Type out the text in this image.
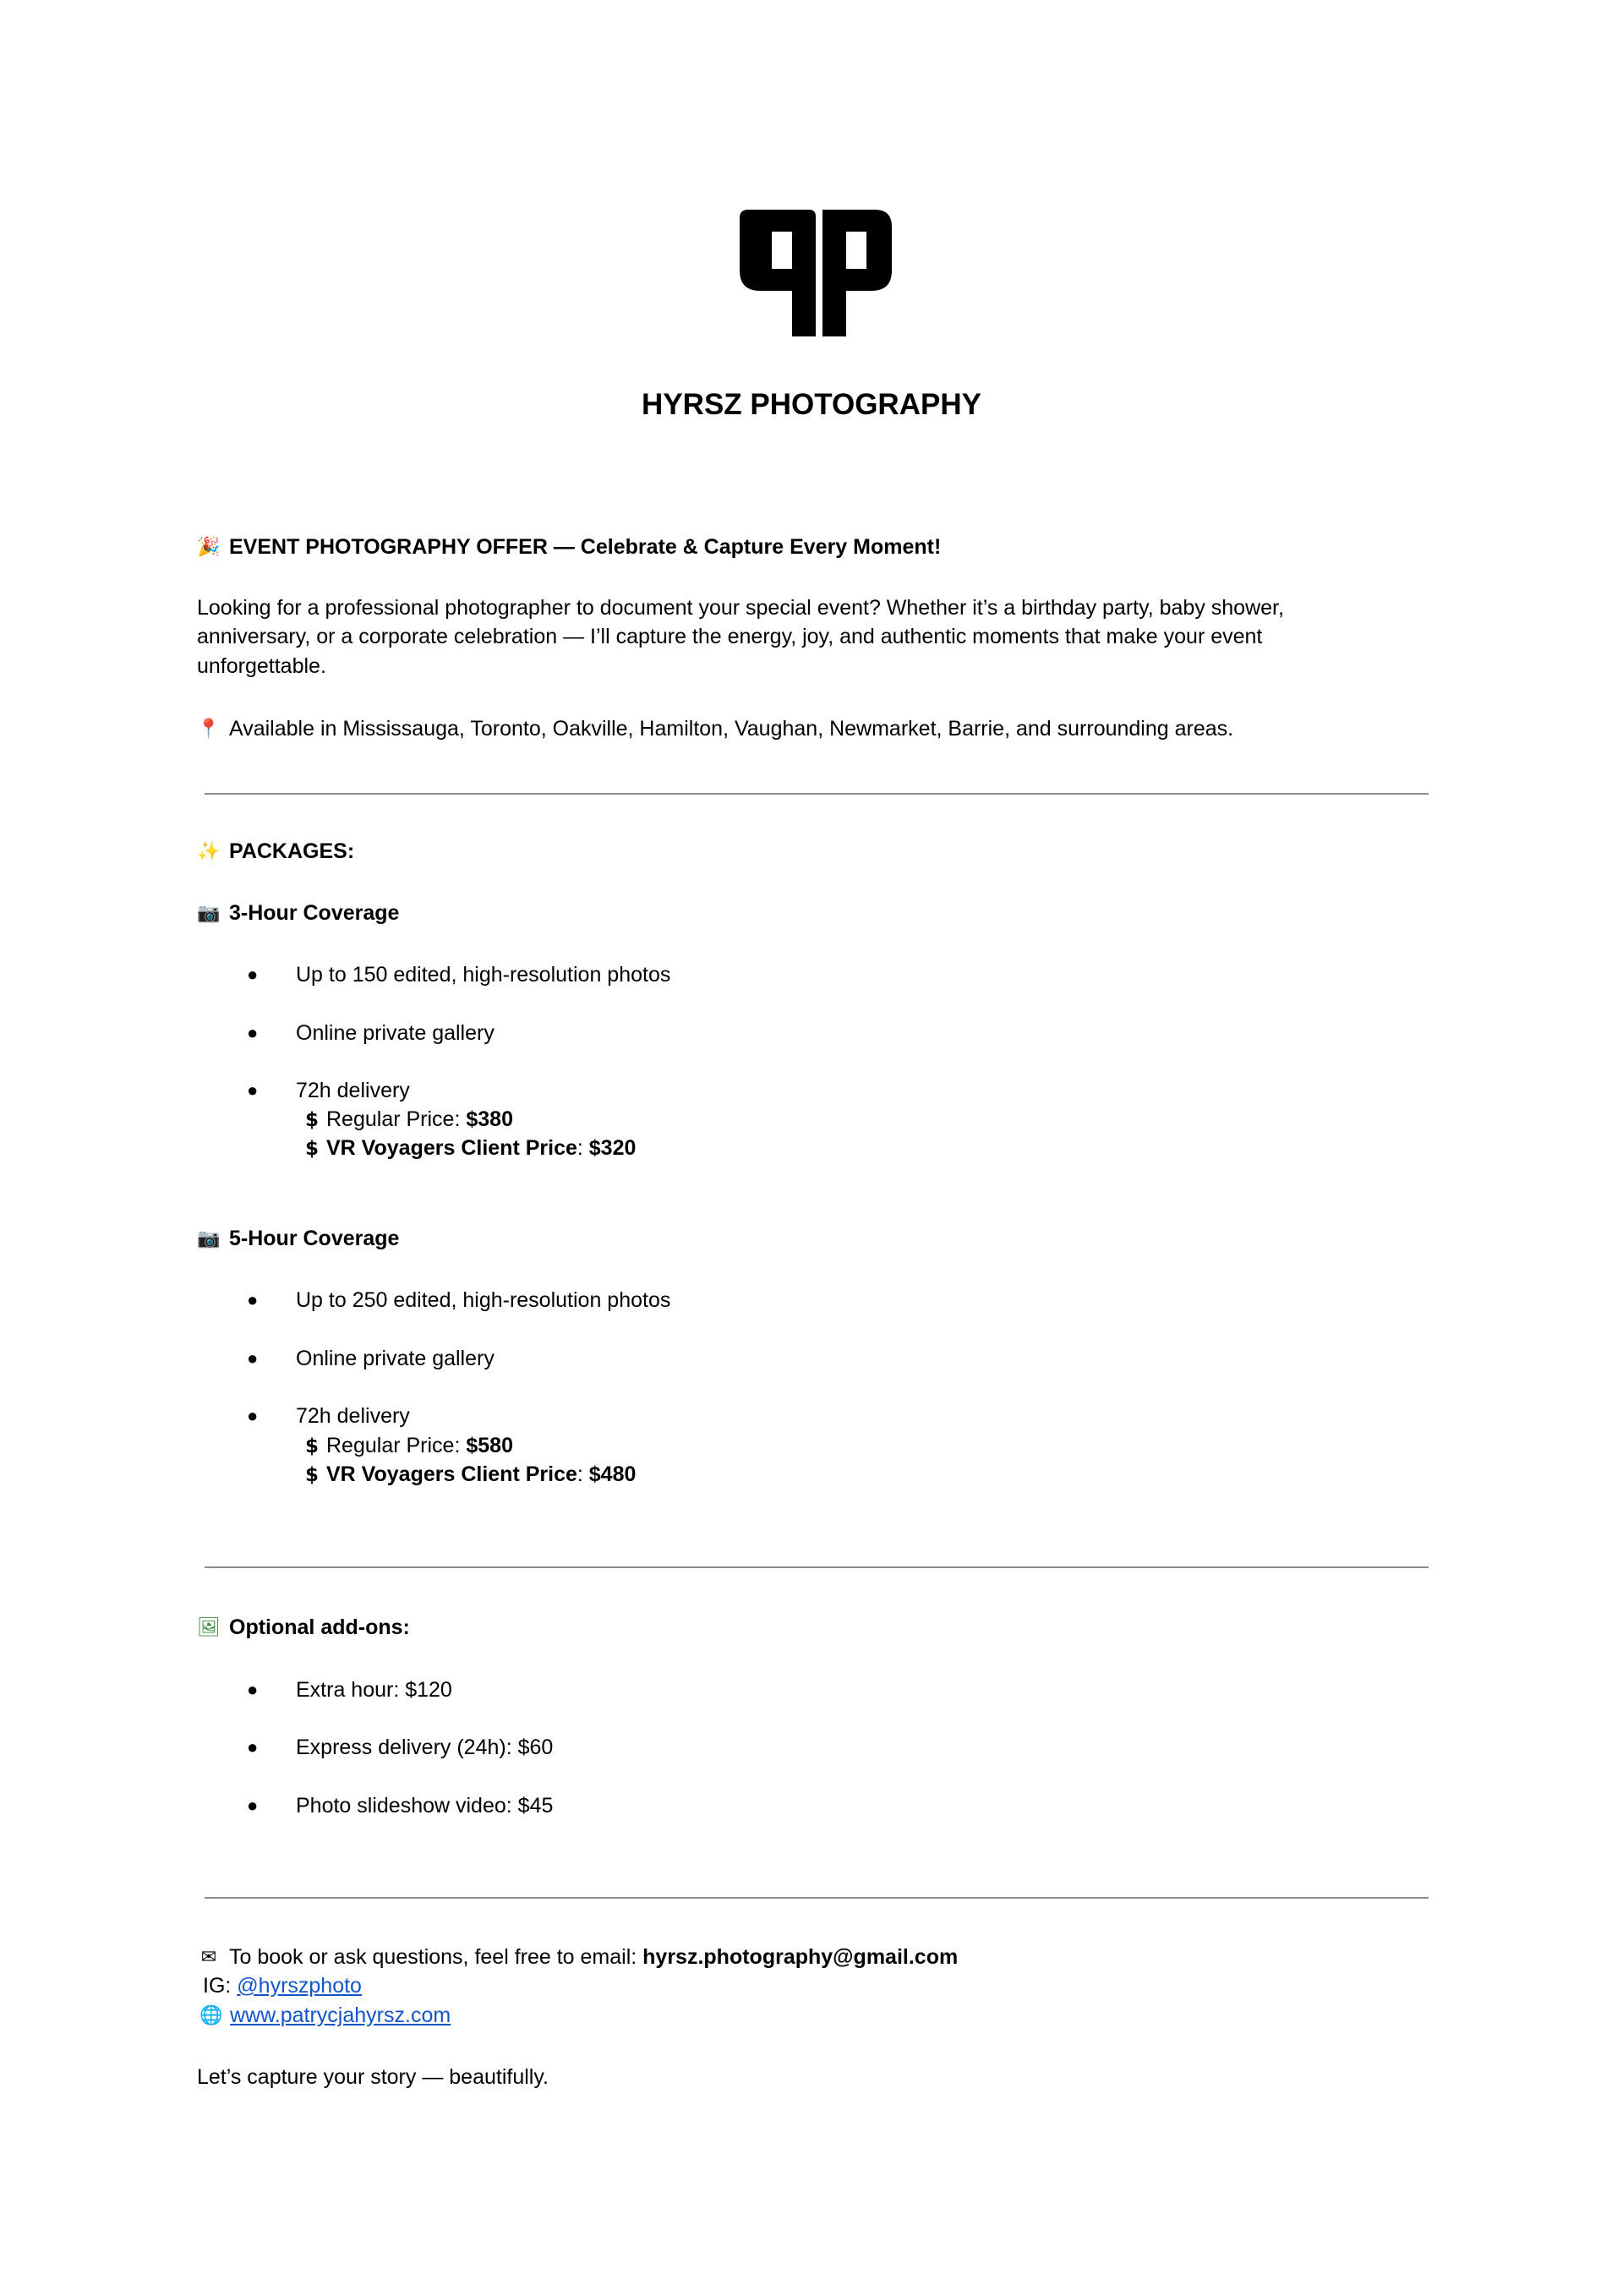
HYRSZ PHOTOGRAPHY
🎉 EVENT PHOTOGRAPHY OFFER — Celebrate & Capture Every Moment!
Looking for a professional photographer to document your special event? Whether it’s a birthday party, baby shower,
anniversary, or a corporate celebration — I’ll capture the energy, joy, and authentic moments that make your event
unforgettable.
📍 Available in Mississauga, Toronto, Oakville, Hamilton, Vaughan, Newmarket, Barrie, and surrounding areas.
✨ PACKAGES:
📷 3-Hour Coverage
● Up to 150 edited, high-resolution photos
● Online private gallery
● 72h delivery
$ Regular Price: $380
$ VR Voyagers Client Price: $320
📷 5-Hour Coverage
● Up to 250 edited, high-resolution photos
● Online private gallery
● 72h delivery
$ Regular Price: $580
$ VR Voyagers Client Price: $480
🖼 Optional add-ons:
● Extra hour: $120
● Express delivery (24h): $60
● Photo slideshow video: $45
✉ To book or ask questions, feel free to email: hyrsz.photography@gmail.com
IG: @hyrszphoto
🌐 www.patrycjahyrsz.com
Let’s capture your story — beautifully.
